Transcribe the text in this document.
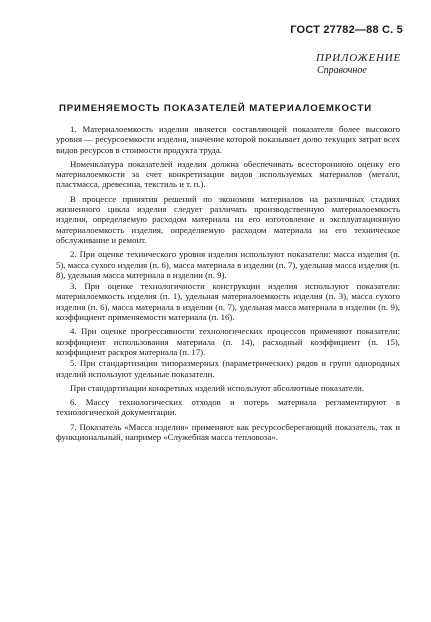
ГОСТ 27782—88 С. 5
ПРИЛОЖЕНИЕ
Справочное
ПРИМЕНЯЕМОСТЬ ПОКАЗАТЕЛЕЙ МАТЕРИАЛОЕМКОСТИ

1. Материалоемкость изделия является составляющей показателя более высокого уровня — ресурсоемкости изделия, значение которой показывает долю текущих затрат всех видов ресурсов в стоимости продукта труда.

Номенклатура показателей изделия должна обеспечивать всестороннюю оценку его материалоемкости за счет конкретизации видов используемых материалов (металл, пластмасса, древесина, текстиль и т. п.).

В процессе принятия решений по экономии материалов на различных стадиях жизненного цикла изделия следует различать производственную материалоемкость изделия, определяемую расходом материала на его изготовление и эксплуатационную материалоемкость изделия, определяемую расходом материала на его техническое обслуживание и ремонт.

2. При оценке технического уровня изделия используют показатели: масса изделия (п. 5), масса сухого изделия (п. 6), масса материала в изделии (п. 7), удельная масса изделия (п. 8), удельная масса материала в изделии (п. 9).

3. При оценке технологичности конструкции изделия используют показатели: материалоемкость изделия (п. 1), удельная материалоемкость изделия (п. 3), масса сухого изделия (п. 6), масса материала в изделии (п. 7), удельная масса материала в изделии (п. 9), коэффициент применяемости материала (п. 16).

4. При оценке прогрессивности технологических процессов применяют показатели: коэффициент использования материала (п. 14), расходный коэффициент (п. 15), коэффициент раскроя материала (п. 17).

5. При стандартизации типоразмерных (параметрических) рядов и групп однородных изделий используют удельные показатели.

При стандартизации конкретных изделий используют абсолютные показатели.

6. Массу технологических отходов и потерь материала регламентируют в технологической документации.

7. Показатель «Масса изделия» применяют как ресурсосберегающий показатель, так и функциональный, например «Служебная масса тепловоза».
